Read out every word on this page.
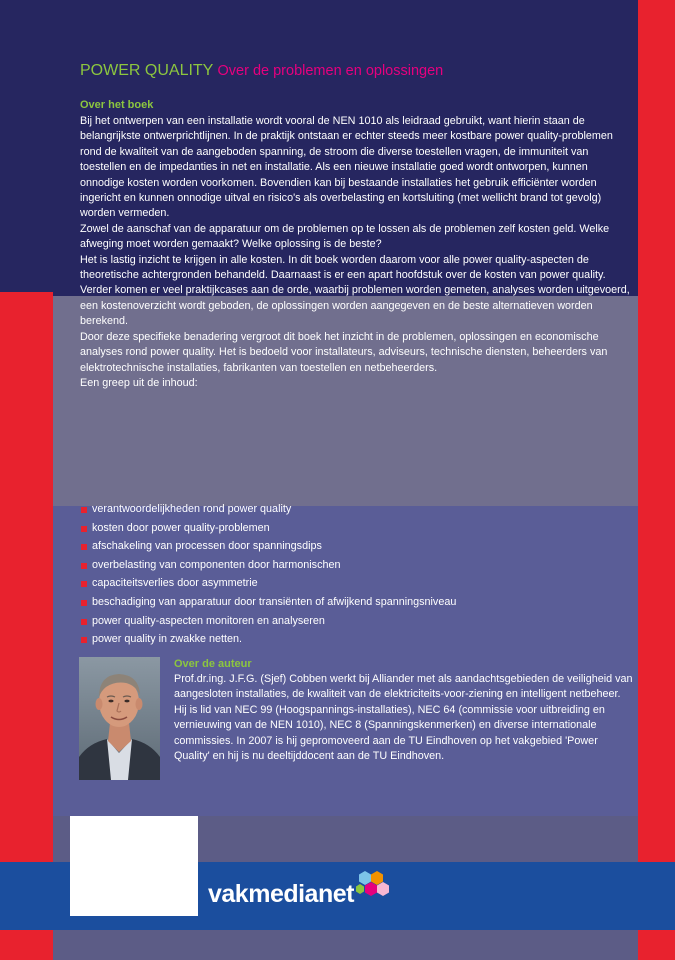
POWER QUALITY Over de problemen en oplossingen
Over het boek

Bij het ontwerpen van een installatie wordt vooral de NEN 1010 als leidraad gebruikt, want hierin staan de belangrijkste ontwerprichtlijnen. In de praktijk ontstaan er echter steeds meer kostbare power quality-problemen rond de kwaliteit van de aangeboden spanning, de stroom die diverse toestellen vragen, de immuniteit van toestellen en de impedanties in net en installatie. Als een nieuwe installatie goed wordt ontworpen, kunnen onnodige kosten worden voorkomen. Bovendien kan bij bestaande installaties het gebruik efficiënter worden ingericht en kunnen onnodige uitval en risico's als overbelasting en kortsluiting (met wellicht brand tot gevolg) worden vermeden.

Zowel de aanschaf van de apparatuur om de problemen op te lossen als de problemen zelf kosten geld. Welke afweging moet worden gemaakt? Welke oplossing is de beste?

Het is lastig inzicht te krijgen in alle kosten. In dit boek worden daarom voor alle power quality-aspecten de theoretische achtergronden behandeld. Daarnaast is er een apart hoofdstuk over de kosten van power quality. Verder komen er veel praktijkcases aan de orde, waarbij problemen worden gemeten, analyses worden uitgevoerd, een kostenoverzicht wordt geboden, de oplossingen worden aangegeven en de beste alternatieven worden berekend.

Door deze specifieke benadering vergroot dit boek het inzicht in de problemen, oplossingen en economische analyses rond power quality. Het is bedoeld voor installateurs, adviseurs, technische diensten, beheerders van elektrotechnische installaties, fabrikanten van toestellen en netbeheerders.

Een greep uit de inhoud:

verantwoordelijkheden rond power quality
kosten door power quality-problemen
afschakeling van processen door spanningsdips
overbelasting van componenten door harmonischen
capaciteitsverlies door asymmetrie
beschadiging van apparatuur door transiënten of afwijkend spanningsniveau
power quality-aspecten monitoren en analyseren
power quality in zwakke netten.
Over de auteur

Prof.dr.ing. J.F.G. (Sjef) Cobben werkt bij Alliander met als aandachtsgebieden de veiligheid van aangesloten installaties, de kwaliteit van de elektriciteits-voor-ziening en intelligent netbeheer. Hij is lid van NEC 99 (Hoogspannings-installaties), NEC 64 (commissie voor uitbreiding en vernieuwing van de NEN 1010), NEC 8 (Spanningskenmerken) en diverse internationale commissies. In 2007 is hij gepromoveerd aan de TU Eindhoven op het vakgebied 'Power Quality' en hij is nu deeltijddocent aan de TU Eindhoven.

vakmedianet
